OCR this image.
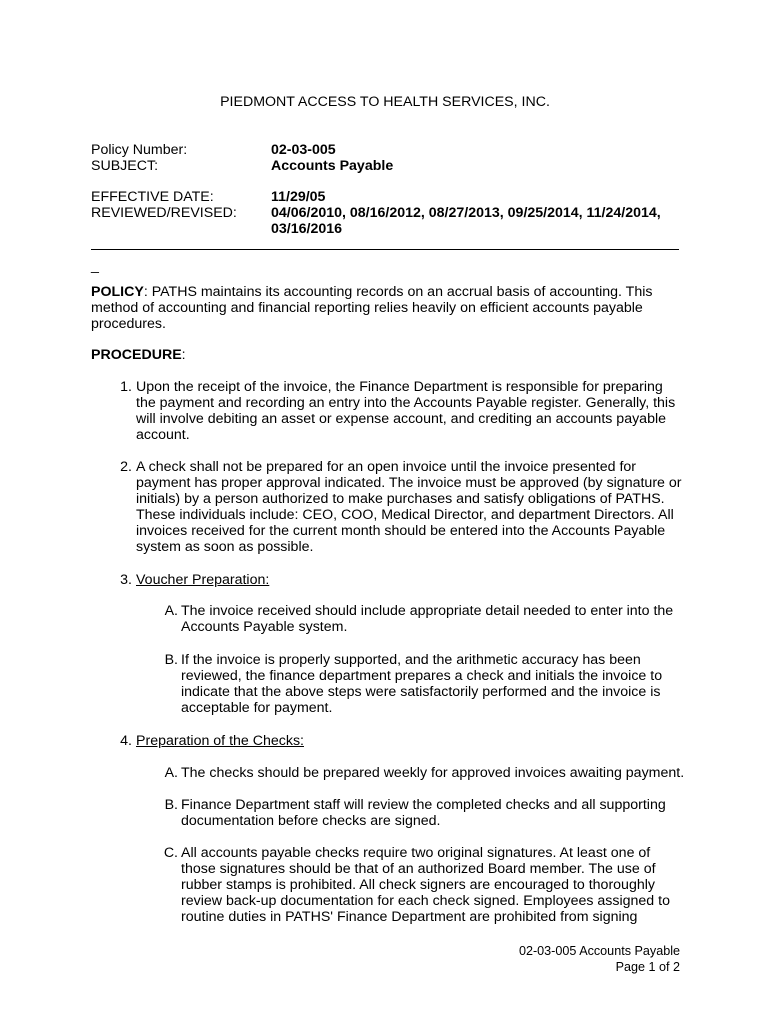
PIEDMONT ACCESS TO HEALTH SERVICES, INC.
Policy Number:	02-03-005
SUBJECT:	Accounts Payable
EFFECTIVE DATE:	11/29/05
REVIEWED/REVISED: 04/06/2010, 08/16/2012, 08/27/2013, 09/25/2014, 11/24/2014,
03/16/2016
_
POLICY: PATHS maintains its accounting records on an accrual basis of accounting. This method of accounting and financial reporting relies heavily on efficient accounts payable procedures.
PROCEDURE:
1. Upon the receipt of the invoice, the Finance Department is responsible for preparing the payment and recording an entry into the Accounts Payable register. Generally, this will involve debiting an asset or expense account, and crediting an accounts payable account.
2. A check shall not be prepared for an open invoice until the invoice presented for payment has proper approval indicated. The invoice must be approved (by signature or initials) by a person authorized to make purchases and satisfy obligations of PATHS. These individuals include: CEO, COO, Medical Director, and department Directors. All invoices received for the current month should be entered into the Accounts Payable system as soon as possible.
3. Voucher Preparation:
A. The invoice received should include appropriate detail needed to enter into the Accounts Payable system.
B. If the invoice is properly supported, and the arithmetic accuracy has been reviewed, the finance department prepares a check and initials the invoice to indicate that the above steps were satisfactorily performed and the invoice is acceptable for payment.
4. Preparation of the Checks:
A. The checks should be prepared weekly for approved invoices awaiting payment.
B. Finance Department staff will review the completed checks and all supporting documentation before checks are signed.
C. All accounts payable checks require two original signatures. At least one of those signatures should be that of an authorized Board member. The use of rubber stamps is prohibited. All check signers are encouraged to thoroughly review back-up documentation for each check signed. Employees assigned to routine duties in PATHS' Finance Department are prohibited from signing
02-03-005 Accounts Payable
Page 1 of 2
